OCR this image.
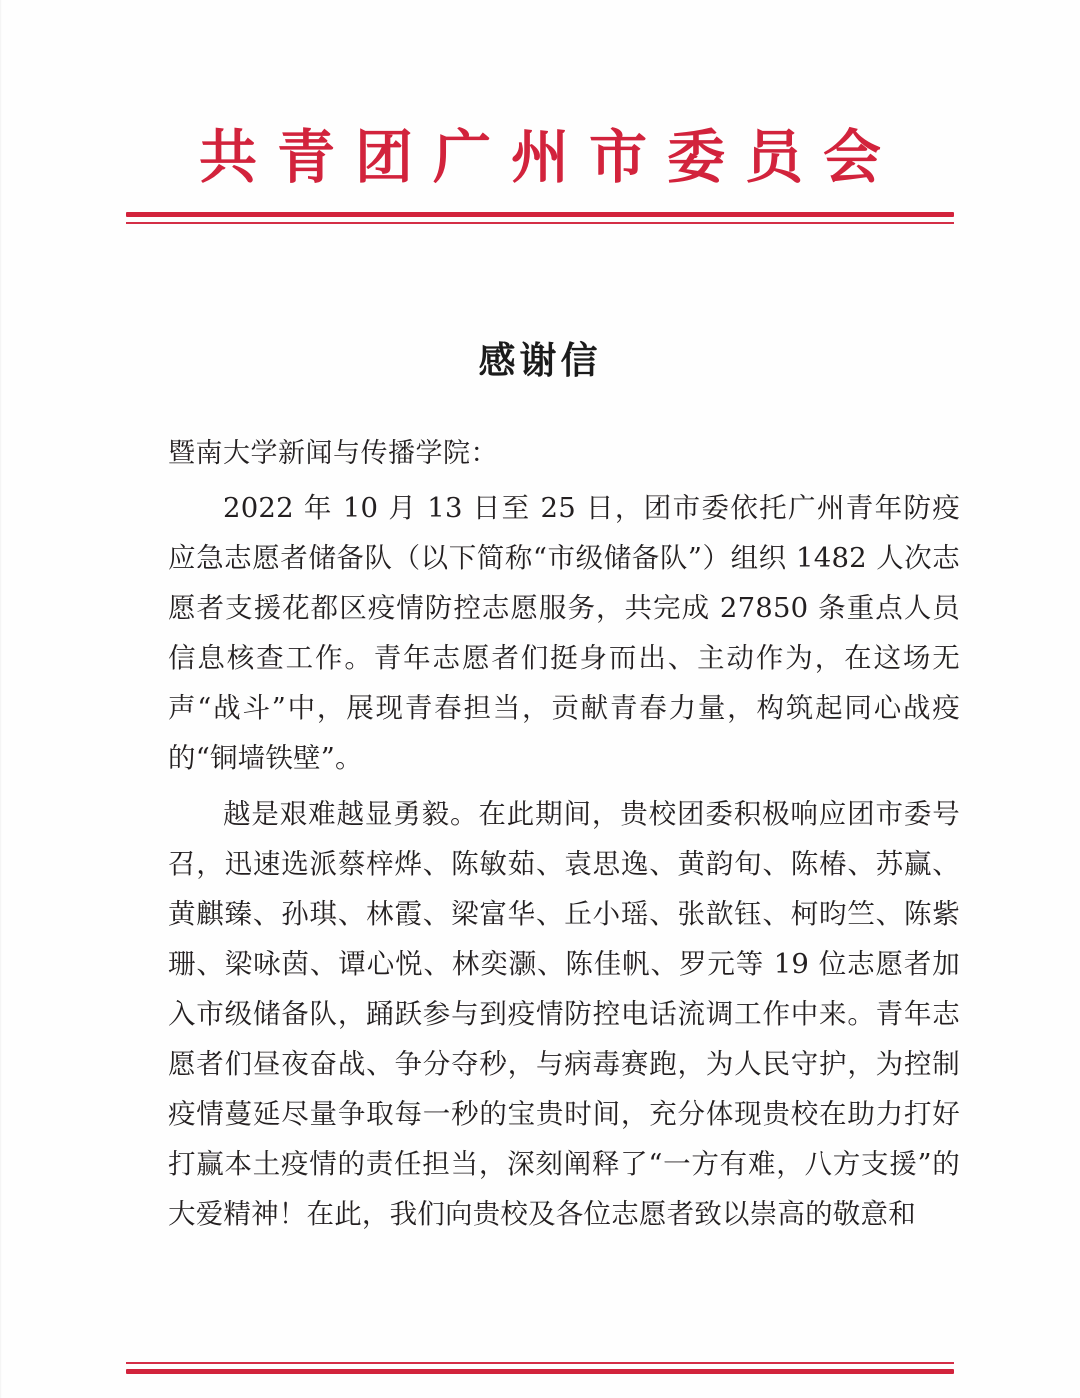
共青团广州市委员会
感谢信
暨南大学新闻与传播学院：

2022 年 10 月 13 日至 25 日，团市委依托广州青年防疫应急志愿者储备队（以下简称“市级储备队”）组织 1482 人次志愿者支援花都区疫情防控志愿服务，共完成 27850 条重点人员信息核查工作。青年志愿者们挺身而出、主动作为，在这场无声“战斗”中，展现青春担当，贡献青春力量，构筑起同心战疫的“铜墙铁壁”。

越是艰难越显勇毅。在此期间，贵校团委积极响应团市委号召，迅速选派蔡梓烨、陈敏茹、袁思逸、黄韵旬、陈椿、苏赢、黄麒臻、孙琪、林霞、梁富华、丘小瑶、张歆钰、柯昀竺、陈紫珊、梁咏茵、谭心悦、林奕灏、陈佳帆、罗元等 19 位志愿者加入市级储备队，踊跃参与到疫情防控电话流调工作中来。青年志愿者们昼夜奋战、争分夺秒，与病毒赛跑，为人民守护，为控制疫情蔓延尽量争取每一秒的宝贵时间，充分体现贵校在助力打好打赢本土疫情的责任担当，深刻阐释了“一方有难，八方支援”的大爱精神！在此，我们向贵校及各位志愿者致以崇高的敬意和
